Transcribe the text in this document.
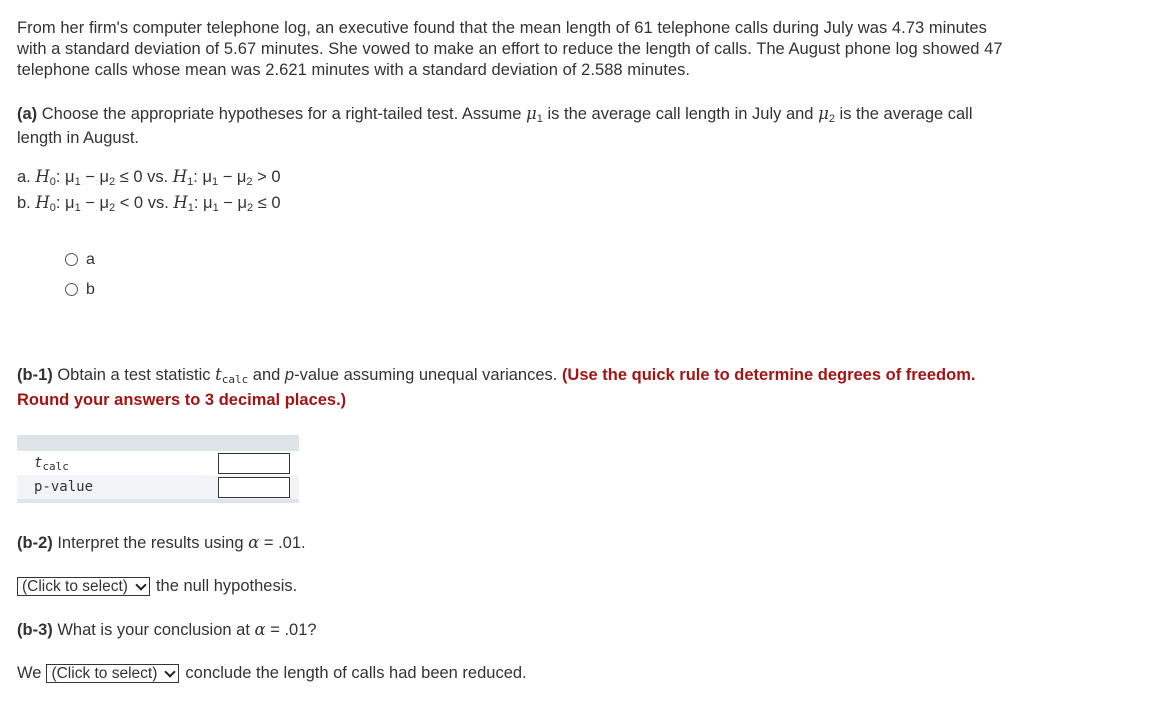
From her firm's computer telephone log, an executive found that the mean length of 61 telephone calls during July was 4.73 minutes
with a standard deviation of 5.67 minutes. She vowed to make an effort to reduce the length of calls. The August phone log showed 47
telephone calls whose mean was 2.621 minutes with a standard deviation of 2.588 minutes.
(a) Choose the appropriate hypotheses for a right-tailed test. Assume $\mu_1$ is the average call length in July and $\mu_2$ is the average call
length in August.
a. $H_0$: $\mu_1 - \mu_2 \le 0$ vs. $H_1$: $\mu_1 - \mu_2 > 0$
b. $H_0$: $\mu_1 - \mu_2 < 0$ vs. $H_1$: $\mu_1 - \mu_2 \le 0$
a
b
(b-1) Obtain a test statistic $t_{calc}$ and p-value assuming unequal variances. (Use the quick rule to determine degrees of freedom.
Round your answers to 3 decimal places.)
$t_{calc}$
p-value
(b-2) Interpret the results using α = .01.
(Click to select) the null hypothesis.
(b-3) What is your conclusion at α = .01?
We (Click to select) conclude the length of calls had been reduced.
